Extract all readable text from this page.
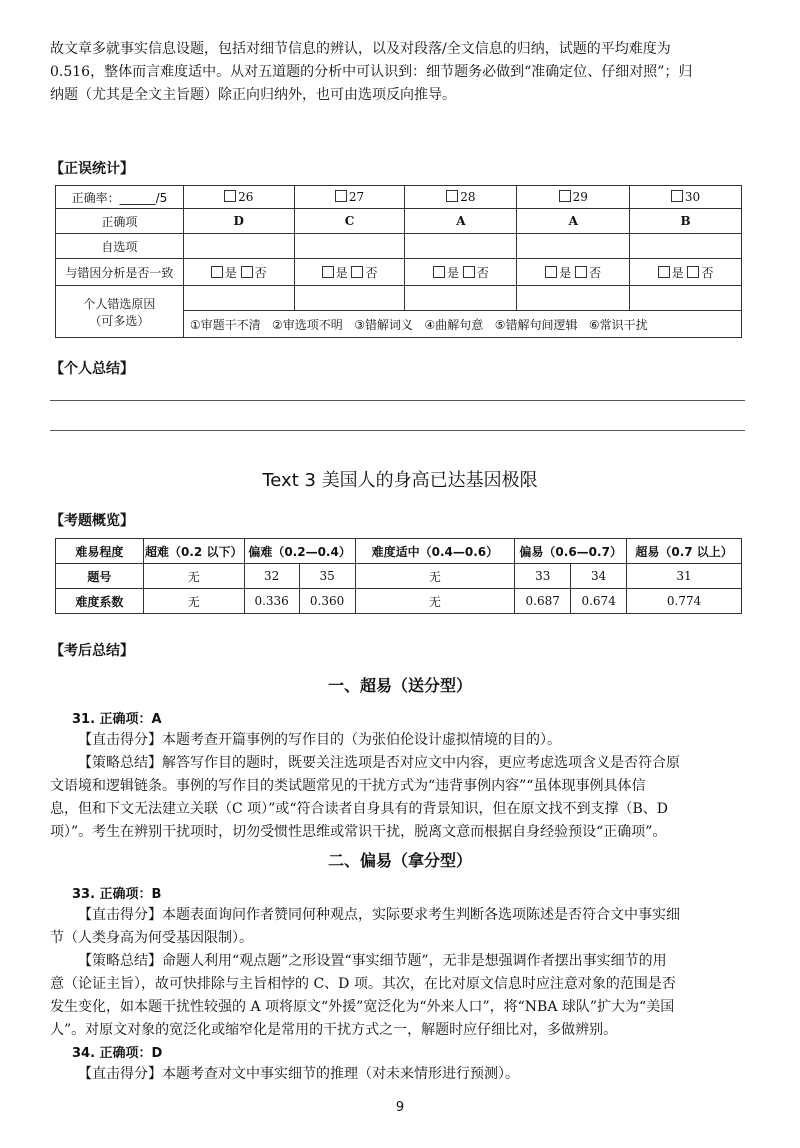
故文章多就事实信息设题，包括对细节信息的辨认，以及对段落/全文信息的归纳，试题的平均难度为
0.516，整体而言难度适中。从对五道题的分析中可认识到：细节题务必做到“准确定位、仔细对照”；归
纳题（尤其是全文主旨题）除正向归纳外，也可由选项反向推导。
【正误统计】
正确率：______/5	26	27	28	29	30
正确项	D	C	A	A	B
自选项					
与错因分析是否一致	是 否	是 否	是 否	是 否	是 否

个人错选原因
（可多选）					

	①审题干不清 ②审选项不明 ③错解词义 ④曲解句意 ⑤错解句间逻辑 ⑥常识干扰				
【个人总结】
Text 3 美国人的身高已达基因极限
【考题概览】
难易程度	超难（0.2 以下）	偏难（0.2—0.4）		难度适中（0.4—0.6）	偏易（0.6—0.7）		超易（0.7 以上）
题号	无	32	35	无	33	34	31
难度系数	无	0.336	0.360	无	0.687	0.674	0.774
【考后总结】
一、超易（送分型）
31. 正确项：A
【直击得分】本题考查开篇事例的写作目的（为张伯伦设计虚拟情境的目的）。
【策略总结】解答写作目的题时，既要关注选项是否对应文中内容，更应考虑选项含义是否符合原
文语境和逻辑链条。事例的写作目的类试题常见的干扰方式为“违背事例内容”“虽体现事例具体信
息，但和下文无法建立关联（C 项）”或“符合读者自身具有的背景知识，但在原文找不到支撑（B、D
项）”。考生在辨别干扰项时，切勿受惯性思维或常识干扰，脱离文意而根据自身经验预设“正确项”。
二、偏易（拿分型）
33. 正确项：B
【直击得分】本题表面询问作者赞同何种观点，实际要求考生判断各选项陈述是否符合文中事实细
节（人类身高为何受基因限制）。
【策略总结】命题人利用“观点题”之形设置“事实细节题”，无非是想强调作者摆出事实细节的用
意（论证主旨），故可快排除与主旨相悖的 C、D 项。其次，在比对原文信息时应注意对象的范围是否
发生变化，如本题干扰性较强的 A 项将原文“外援”宽泛化为“外来人口”，将“NBA 球队”扩大为“美国
人”。对原文对象的宽泛化或缩窄化是常用的干扰方式之一，解题时应仔细比对，多做辨别。
34. 正确项：D
【直击得分】本题考查对文中事实细节的推理（对未来情形进行预测）。
9
